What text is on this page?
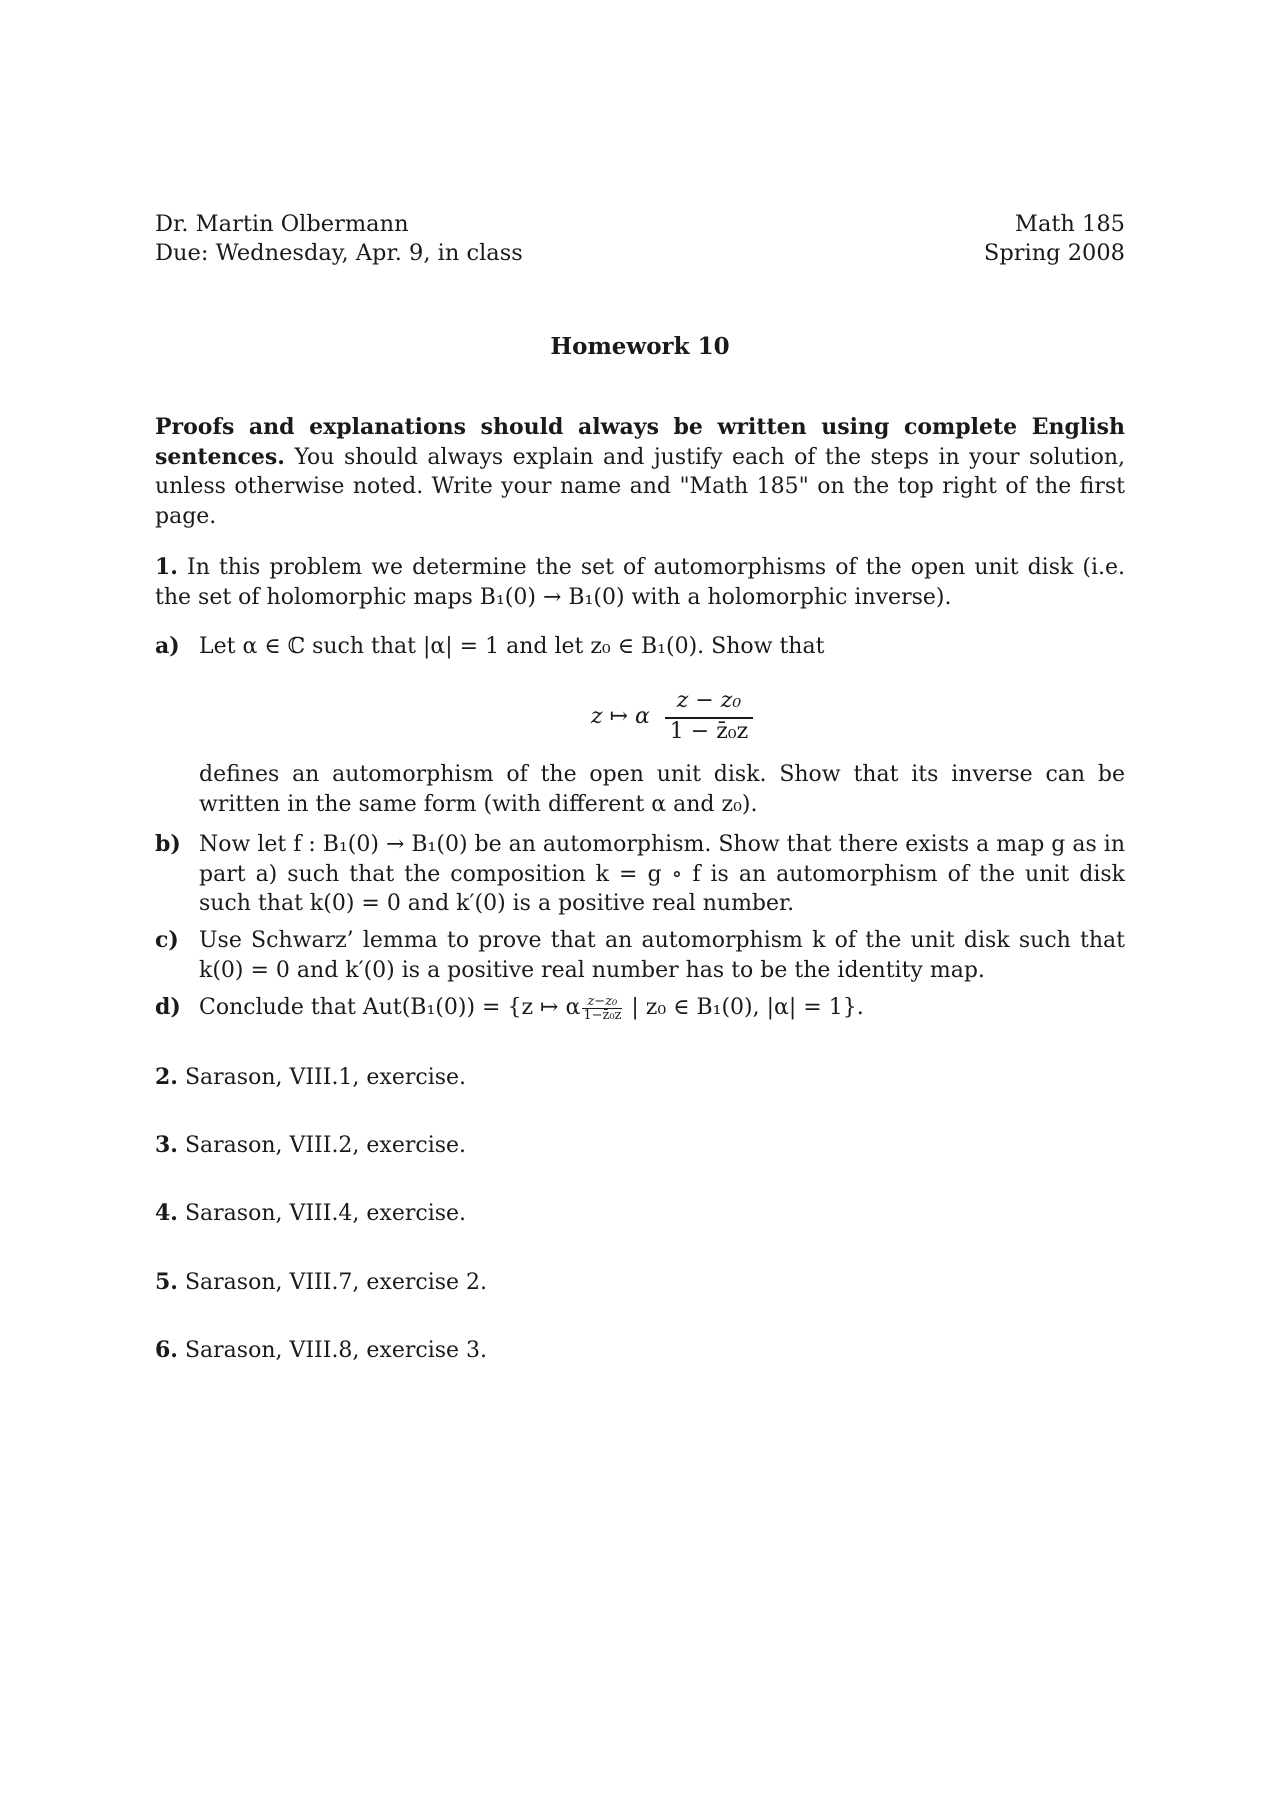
Dr. Martin Olbermann
Due: Wednesday, Apr. 9, in class
Math 185
Spring 2008
Homework 10

Proofs and explanations should always be written using complete English sentences. You should always explain and justify each of the steps in your solution, unless otherwise noted. Write your name and "Math 185" on the top right of the first page.

1. In this problem we determine the set of automorphisms of the open unit disk (i.e. the set of holomorphic maps B₁(0) → B₁(0) with a holomorphic inverse).

a) Let α ∈ ℂ such that |α| = 1 and let z₀ ∈ B₁(0). Show that
z ↦ α
z − z₀
1 − z̄₀z
defines an automorphism of the open unit disk. Show that its inverse can be written in the same form (with different α and z₀).
b) Now let f : B₁(0) → B₁(0) be an automorphism. Show that there exists a map g as in part a) such that the composition k = g ∘ f is an automorphism of the unit disk such that k(0) = 0 and k′(0) is a positive real number.
c) Use Schwarz’ lemma to prove that an automorphism k of the unit disk such that k(0) = 0 and k′(0) is a positive real number has to be the identity map.
d) Conclude that Aut(B₁(0)) = {z ↦ α $\frac{\text{z−z₀}}{\text{1−z̄₀z}}$ | z₀ ∈ B₁(0), |α| = 1}.
2. Sarason, VIII.1, exercise.
3. Sarason, VIII.2, exercise.
4. Sarason, VIII.4, exercise.
5. Sarason, VIII.7, exercise 2.
6. Sarason, VIII.8, exercise 3.
